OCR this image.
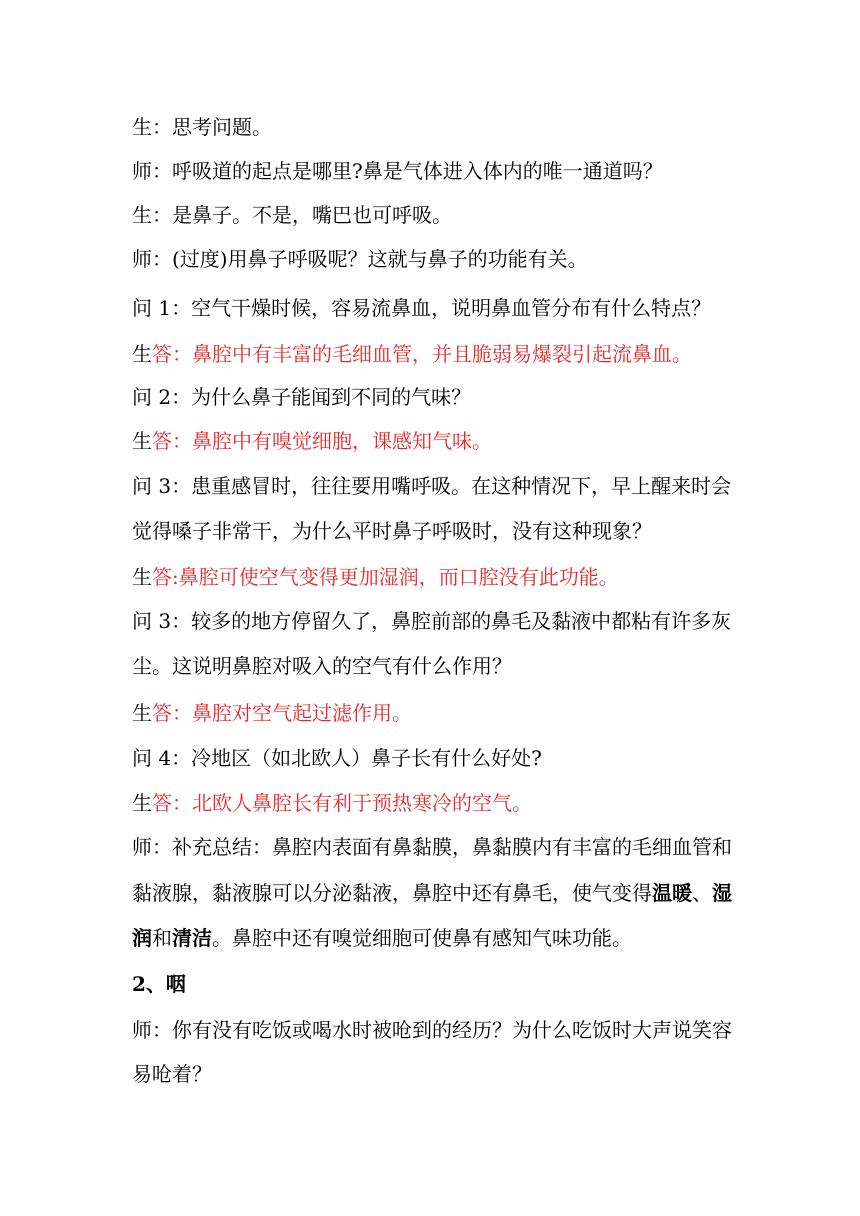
生：思考问题。
师：呼吸道的起点是哪里?鼻是气体进入体内的唯一通道吗？
生：是鼻子。不是，嘴巴也可呼吸。
师：(过度)用鼻子呼吸呢？这就与鼻子的功能有关。
问 1：空气干燥时候，容易流鼻血，说明鼻血管分布有什么特点？
生答：鼻腔中有丰富的毛细血管，并且脆弱易爆裂引起流鼻血。
问 2：为什么鼻子能闻到不同的气味？
生答：鼻腔中有嗅觉细胞，课感知气味。
问 3：患重感冒时，往往要用嘴呼吸。在这种情况下，早上醒来时会
觉得嗓子非常干，为什么平时鼻子呼吸时，没有这种现象？
生答:鼻腔可使空气变得更加湿润，而口腔没有此功能。
问 3：较多的地方停留久了，鼻腔前部的鼻毛及黏液中都粘有许多灰
尘。这说明鼻腔对吸入的空气有什么作用？
生答：鼻腔对空气起过滤作用。
问 4：冷地区（如北欧人）鼻子长有什么好处?
生答：北欧人鼻腔长有利于预热寒冷的空气。
师：补充总结：鼻腔内表面有鼻黏膜，鼻黏膜内有丰富的毛细血管和
黏液腺，黏液腺可以分泌黏液，鼻腔中还有鼻毛，使气变得温暖、湿
润和清洁。鼻腔中还有嗅觉细胞可使鼻有感知气味功能。
2、咽
师：你有没有吃饭或喝水时被呛到的经历？为什么吃饭时大声说笑容
易呛着？
